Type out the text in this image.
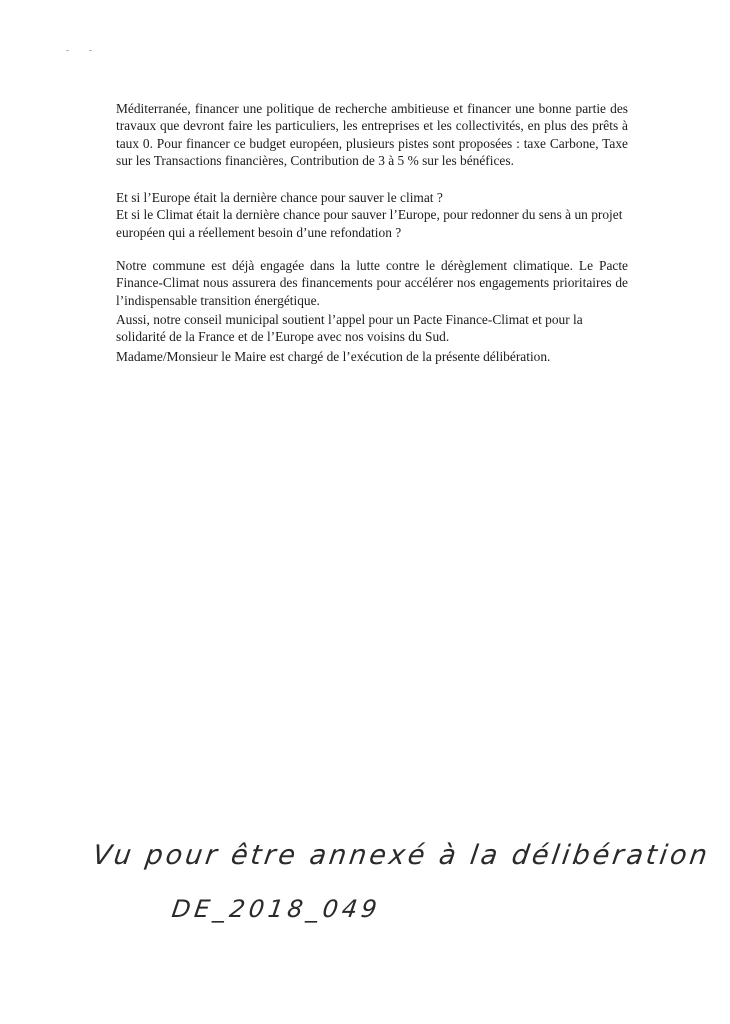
Méditerranée, financer une politique de recherche ambitieuse et financer une bonne partie des travaux que devront faire les particuliers, les entreprises et les collectivités, en plus des prêts à taux 0. Pour financer ce budget européen, plusieurs pistes sont proposées : taxe Carbone, Taxe sur les Transactions financières, Contribution de 3 à 5 % sur les bénéfices.

Et si l’Europe était la dernière chance pour sauver le climat ?

Et si le Climat était la dernière chance pour sauver l’Europe, pour redonner du sens à un projet européen qui a réellement besoin d’une refondation ?

Notre commune est déjà engagée dans la lutte contre le dérèglement climatique. Le Pacte Finance-Climat nous assurera des financements pour accélérer nos engagements prioritaires de l’indispensable transition énergétique.

Aussi, notre conseil municipal soutient l’appel pour un Pacte Finance-Climat et pour la solidarité de la France et de l’Europe avec nos voisins du Sud.

Madame/Monsieur le Maire est chargé de l’exécution de la présente délibération.

Vu pour être annexé à la délibération
DE_2018_049
